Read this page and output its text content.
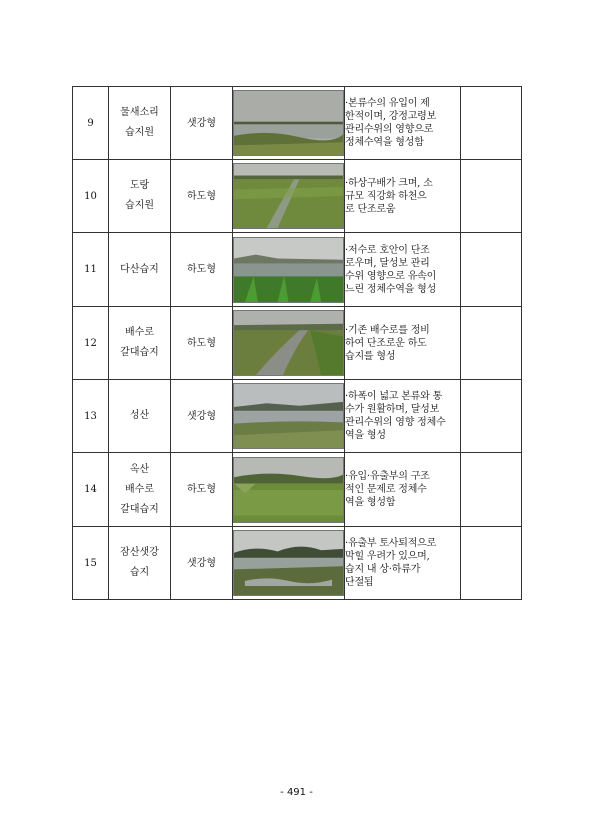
9	물새소리
습지원	샛강형		·본류수의 유입이 제
한적이며, 강정고령보
관리수위의 영향으로
정체수역을 형성함	
10	도랑
습지원	하도형		·하상구배가 크며, 소
규모 직강화 하천으
로 단조로움	
11	다산습지	하도형		·저수로 호안이 단조
로우며, 달성보 관리
수위 영향으로 유속이
느린 정체수역을 형성	
12	배수로
갈대습지	하도형		·기존 배수로를 정비
하여 단조로운 하도
습지를 형성	
13	성산	샛강형		·하폭이 넓고 본류와 통
수가 원활하며, 달성보
관리수위의 영향 정체수
역을 형성	
14	옥산
배수로
갈대습지	하도형		·유입·유출부의 구조
적인 문제로 정체수
역을 형성함	
15	잠산샛강
습지	샛강형		·유출부 토사퇴적으로
막힐 우려가 있으며,
습지 내 상·하류가
단절됨	
- 491 -
